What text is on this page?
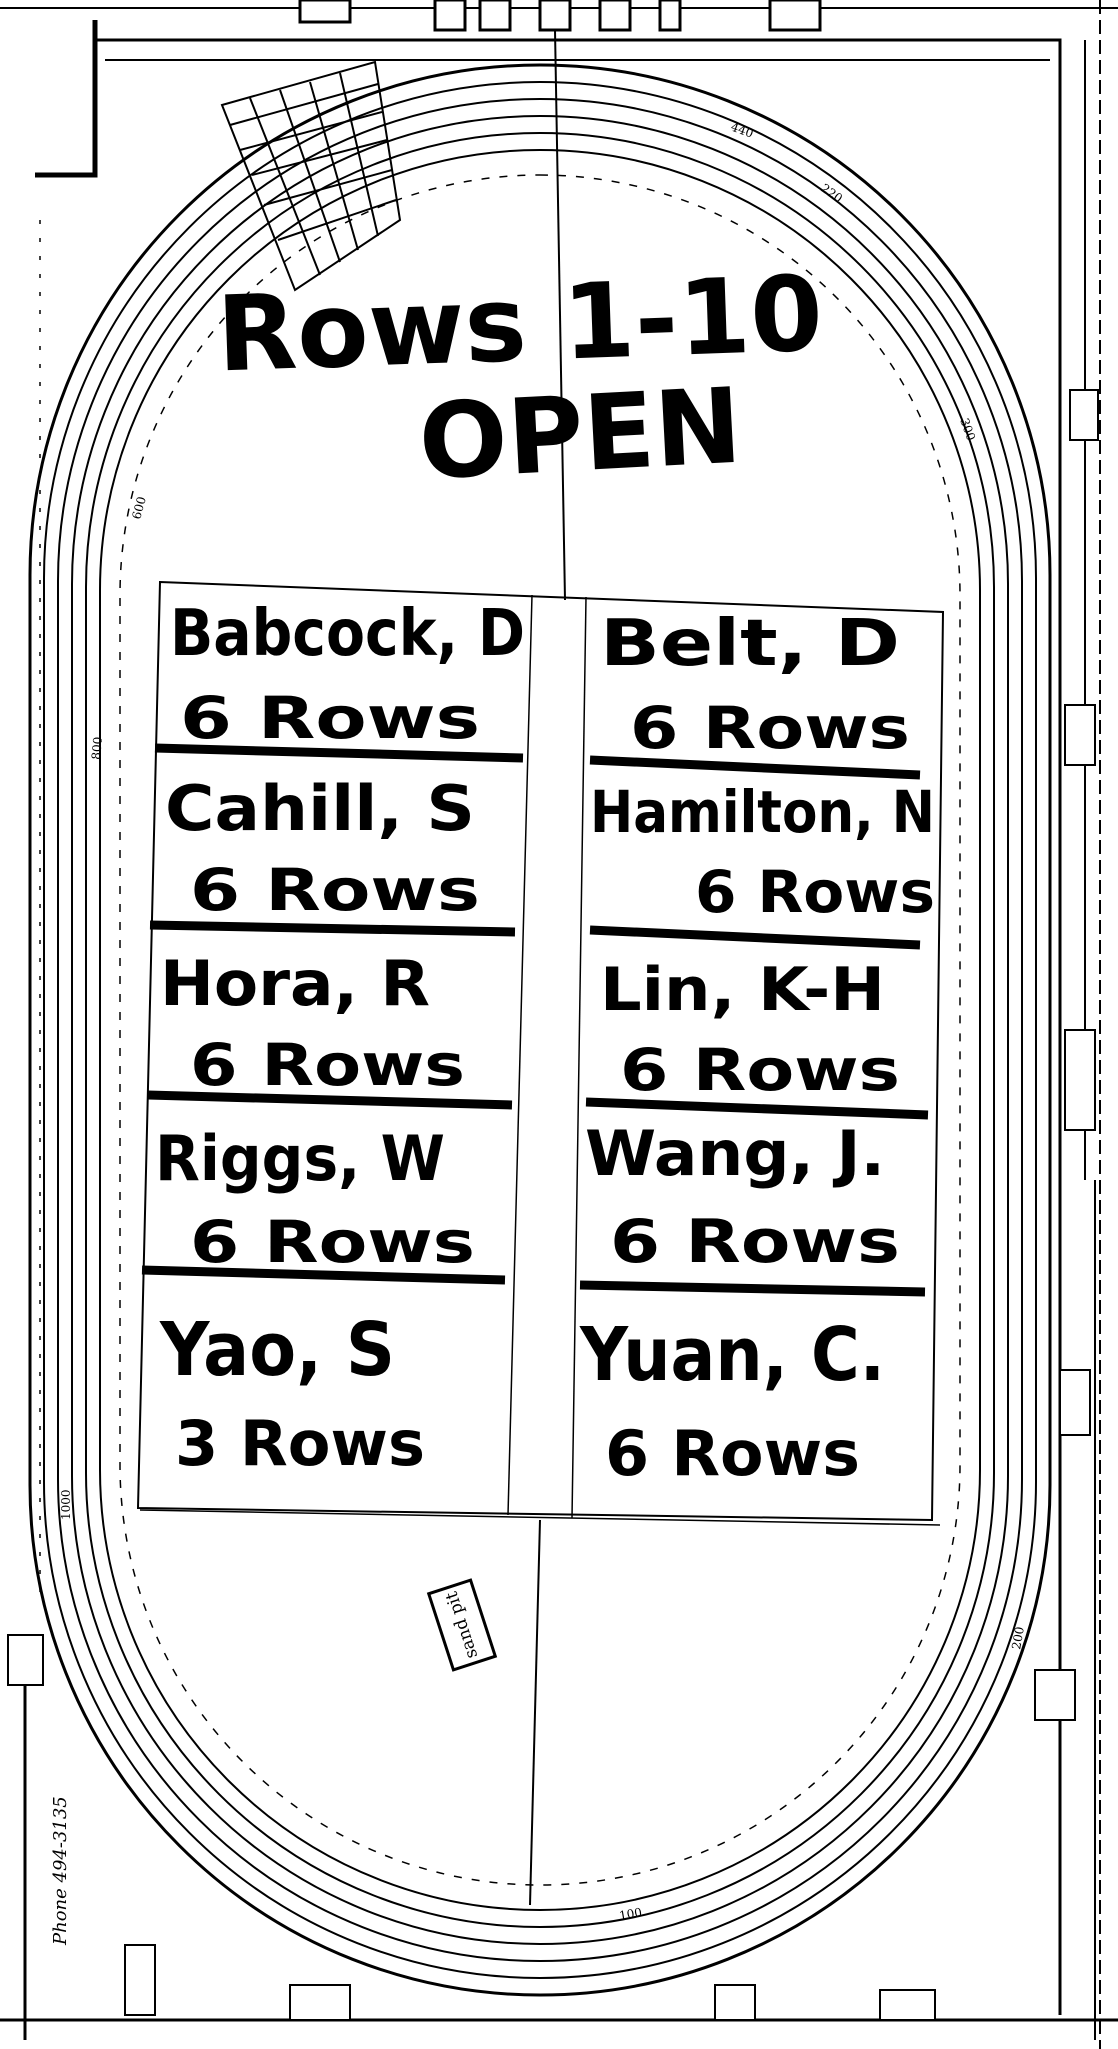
440
220
300
200
100
1000
800
600
Rows 1-10
OPEN
Babcock, D
6 Rows
Cahill, S
6 Rows
Hora, R
6 Rows
Riggs, W
6 Rows
Yao, S
3 Rows
Belt, D
6 Rows
Hamilton, N
6 Rows
Lin, K-H
6 Rows
Wang, J.
6 Rows
Yuan, C.
6 Rows
sand pit
Phone 494-3135
